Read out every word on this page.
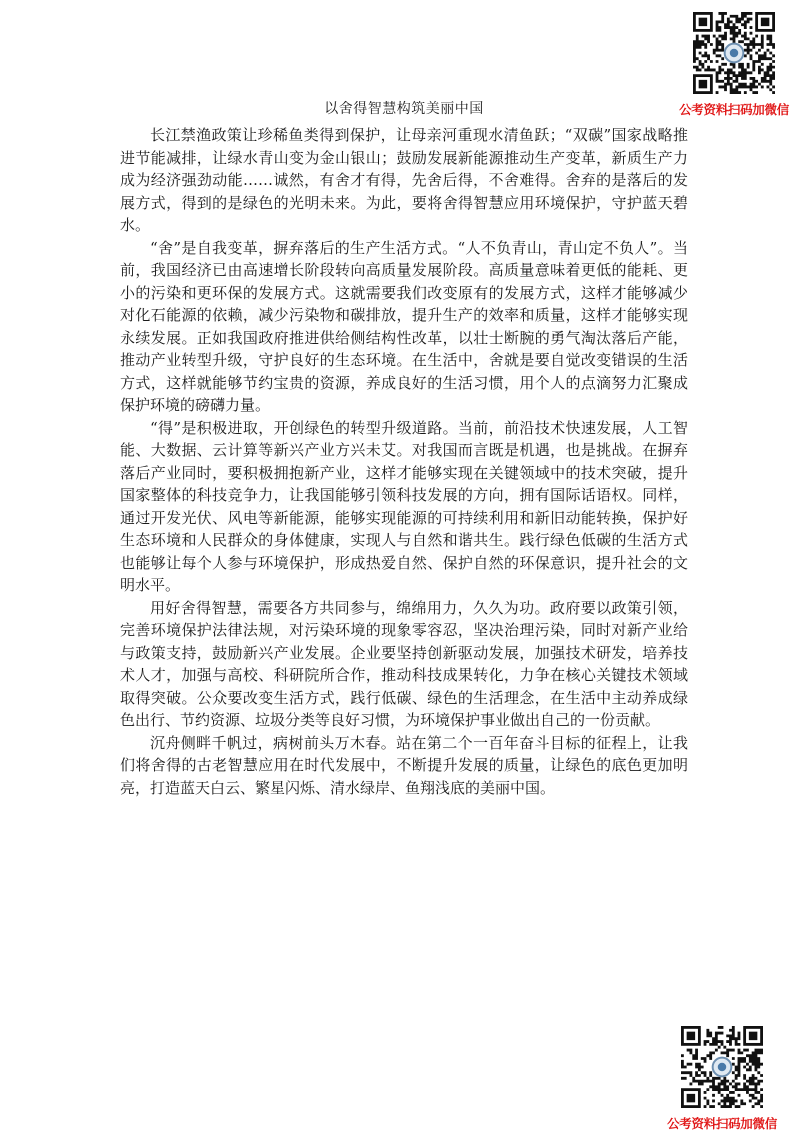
公考资料扫码加微信
以舍得智慧构筑美丽中国

长江禁渔政策让珍稀鱼类得到保护，让母亲河重现水清鱼跃；“双碳”国家战略推进节能减排，让绿水青山变为金山银山；鼓励发展新能源推动生产变革，新质生产力成为经济强劲动能……诚然，有舍才有得，先舍后得，不舍难得。舍弃的是落后的发展方式，得到的是绿色的光明未来。为此，要将舍得智慧应用环境保护，守护蓝天碧水。

“舍”是自我变革，摒弃落后的生产生活方式。“人不负青山，青山定不负人”。当前，我国经济已由高速增长阶段转向高质量发展阶段。高质量意味着更低的能耗、更小的污染和更环保的发展方式。这就需要我们改变原有的发展方式，这样才能够减少对化石能源的依赖，减少污染物和碳排放，提升生产的效率和质量，这样才能够实现永续发展。正如我国政府推进供给侧结构性改革，以壮士断腕的勇气淘汰落后产能，推动产业转型升级，守护良好的生态环境。在生活中，舍就是要自觉改变错误的生活方式，这样就能够节约宝贵的资源，养成良好的生活习惯，用个人的点滴努力汇聚成保护环境的磅礴力量。

“得”是积极进取，开创绿色的转型升级道路。当前，前沿技术快速发展，人工智能、大数据、云计算等新兴产业方兴未艾。对我国而言既是机遇，也是挑战。在摒弃落后产业同时，要积极拥抱新产业，这样才能够实现在关键领域中的技术突破，提升国家整体的科技竞争力，让我国能够引领科技发展的方向，拥有国际话语权。同样，通过开发光伏、风电等新能源，能够实现能源的可持续利用和新旧动能转换，保护好生态环境和人民群众的身体健康，实现人与自然和谐共生。践行绿色低碳的生活方式也能够让每个人参与环境保护，形成热爱自然、保护自然的环保意识，提升社会的文明水平。

用好舍得智慧，需要各方共同参与，绵绵用力，久久为功。政府要以政策引领，完善环境保护法律法规，对污染环境的现象零容忍，坚决治理污染，同时对新产业给与政策支持，鼓励新兴产业发展。企业要坚持创新驱动发展，加强技术研发，培养技术人才，加强与高校、科研院所合作，推动科技成果转化，力争在核心关键技术领域取得突破。公众要改变生活方式，践行低碳、绿色的生活理念，在生活中主动养成绿色出行、节约资源、垃圾分类等良好习惯，为环境保护事业做出自己的一份贡献。

沉舟侧畔千帆过，病树前头万木春。站在第二个一百年奋斗目标的征程上，让我们将舍得的古老智慧应用在时代发展中，不断提升发展的质量，让绿色的底色更加明亮，打造蓝天白云、繁星闪烁、清水绿岸、鱼翔浅底的美丽中国。

公考资料扫码加微信
